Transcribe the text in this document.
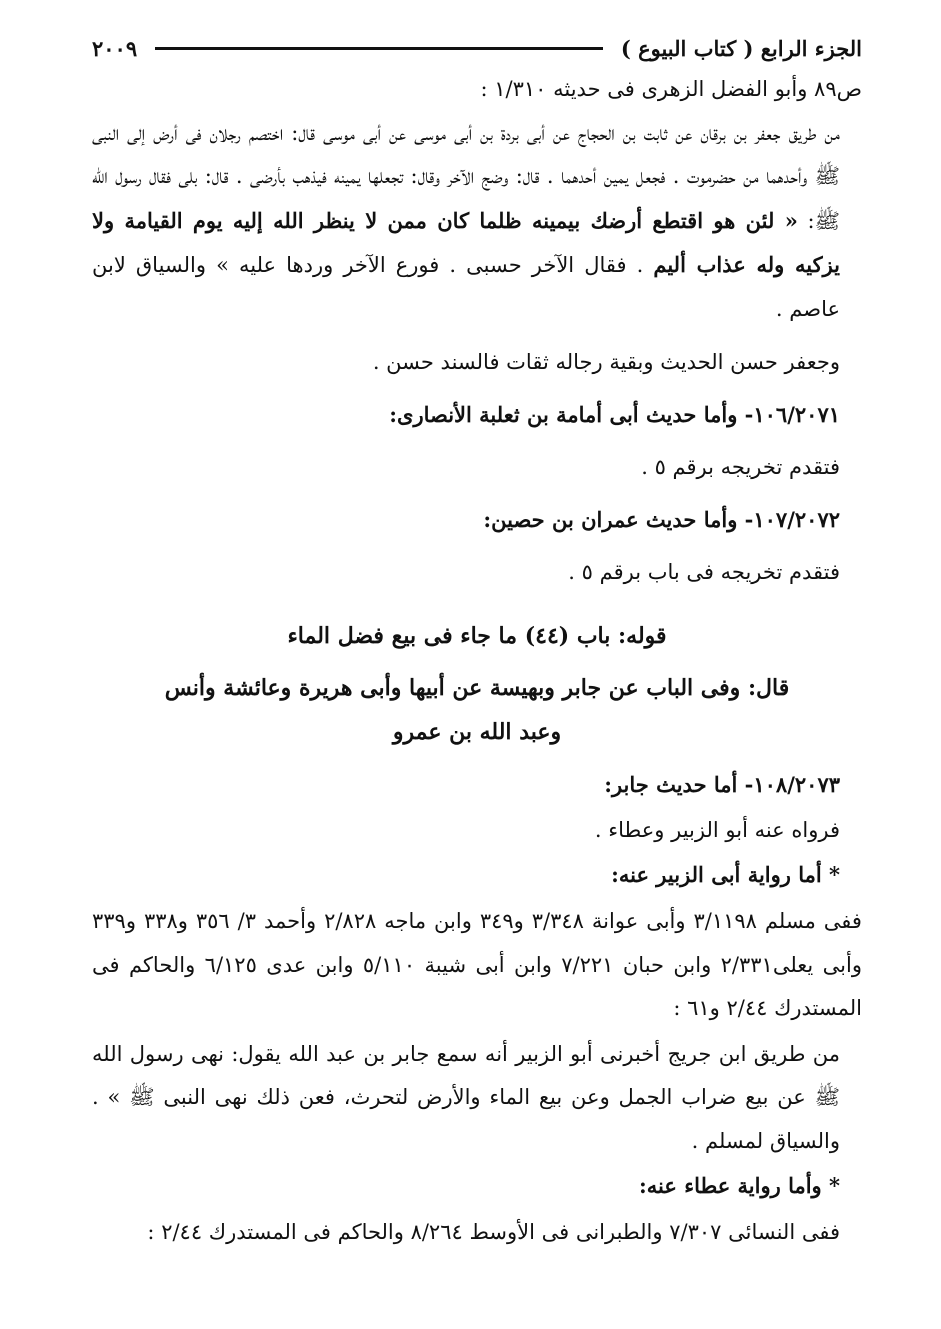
الجزء الرابع ( كتاب البيوع )
٢٠٠٩

ص٨٩ وأبو الفضل الزهرى فى حديثه ١/٣١٠ :

من طريق جعفر بن برقان عن ثابت بن الحجاج عن أبى بردة بن أبى موسى عن أبى موسى قال: اختصم رجلان فى أرض إلى النبى ﷺ وأحدهما من حضرموت . فجعل يمين أحدهما . قال: وضج الآخر وقال: تجعلها يمينه فيذهب بأرضى . قال: بلى فقال رسول الله ﷺ: « لئن هو اقتطع أرضك بيمينه ظلما كان ممن لا ينظر الله إليه يوم القيامة ولا يزكيه وله عذاب أليم . فقال الآخر حسبى . فورع الآخر وردها عليه » والسياق لابن عاصم .

وجعفر حسن الحديث وبقية رجاله ثقات فالسند حسن .

١٠٦/٢٠٧١- وأما حديث أبى أمامة بن ثعلبة الأنصارى:

فتقدم تخريجه برقم ٥ .

١٠٧/٢٠٧٢- وأما حديث عمران بن حصين:

فتقدم تخريجه فى باب برقم ٥ .

قوله: باب (٤٤) ما جاء فى بيع فضل الماء

قال: وفى الباب عن جابر وبهيسة عن أبيها وأبى هريرة وعائشة وأنس

وعبد الله بن عمرو

١٠٨/٢٠٧٣- أما حديث جابر:

فرواه عنه أبو الزبير وعطاء .

* أما رواية أبى الزبير عنه:

ففى مسلم ٣/١١٩٨ وأبى عوانة ٣/٣٤٨ و٣٤٩ وابن ماجه ٢/٨٢٨ وأحمد ٣/ ٣٥٦ و٣٣٨ و٣٣٩ وأبى يعلى٢/٣٣١ وابن حبان ٧/٢٢١ وابن أبى شيبة ٥/١١٠ وابن عدى ٦/١٢٥ والحاكم فى المستدرك ٢/٤٤ و٦١ :

من طريق ابن جريج أخبرنى أبو الزبير أنه سمع جابر بن عبد الله يقول: نهى رسول الله ﷺ عن بيع ضراب الجمل وعن بيع الماء والأرض لتحرث، فعن ذلك نهى النبى ﷺ » . والسياق لمسلم .

* وأما رواية عطاء عنه:

ففى النسائى ٧/٣٠٧ والطبرانى فى الأوسط ٨/٢٦٤ والحاكم فى المستدرك ٢/٤٤ :
